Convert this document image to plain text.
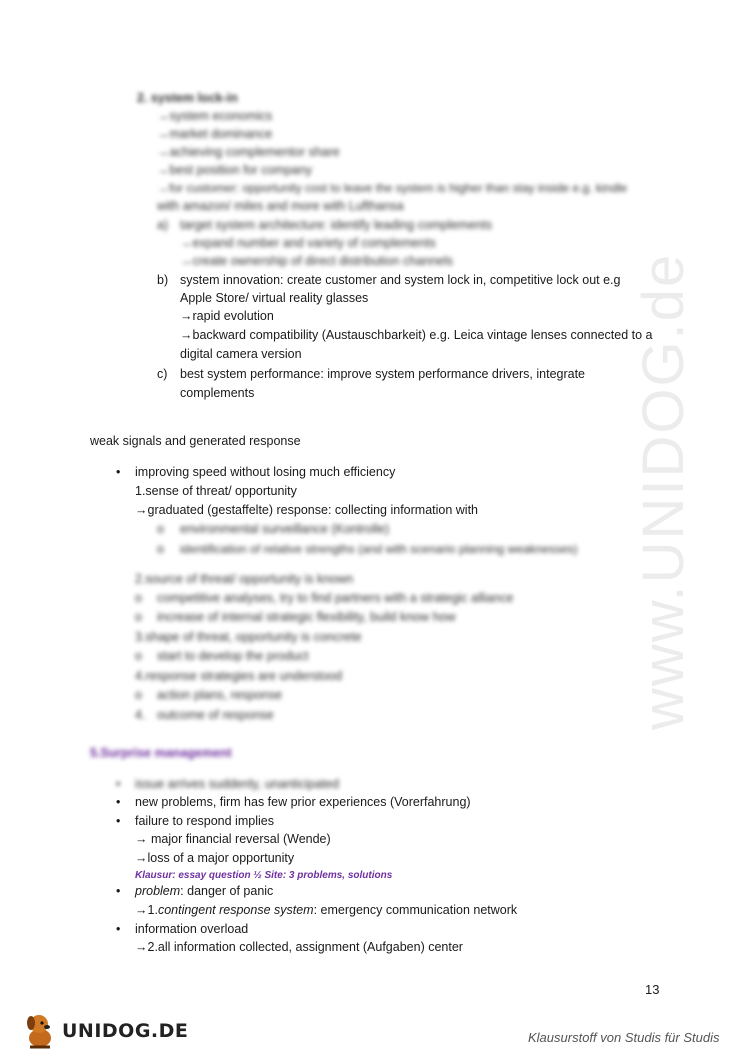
www.UNIDOG.de
2. system lock-in
→system economics
→market dominance
→achieving complementor share
→best position for company
→for customer: opportunity cost to leave the system is higher than stay inside e.g. kindle
with amazon/ miles and more with Lufthansa
a) target system architecture: identify leading complements
→expand number and variety of complements
→create ownership of direct distribution channels
b) system innovation: create customer and system lock in, competitive lock out e.g
Apple Store/ virtual reality glasses
→rapid evolution
→backward compatibility (Austauschbarkeit) e.g. Leica vintage lenses connected to a
digital camera version
c) best system performance: improve system performance drivers, integrate
complements
weak signals and generated response
• improving speed without losing much efficiency
1.sense of threat/ opportunity
→graduated (gestaffelte) response: collecting information with
o environmental surveillance (Kontrolle)
o identification of relative strengths (and with scenario planning weaknesses)
2.source of threat/ opportunity is known
o competitive analyses, try to find partners with a strategic alliance
o increase of internal strategic flexibility, build know how
3.shape of threat, opportunity is concrete
o start to develop the product
4.response strategies are understood
o action plans, response
4. outcome of response
5.Surprise management
• issue arrives suddenly, unanticipated
• new problems, firm has few prior experiences (Vorerfahrung)
• failure to respond implies
→ major financial reversal (Wende)
→loss of a major opportunity
Klausur: essay question ½ Site: 3 problems, solutions
• problem: danger of panic
→1.contingent response system: emergency communication network
• information overload
→2.all information collected, assignment (Aufgaben) center
13
UNIDOG.DE	Klausurstoff von Studis für Studis
